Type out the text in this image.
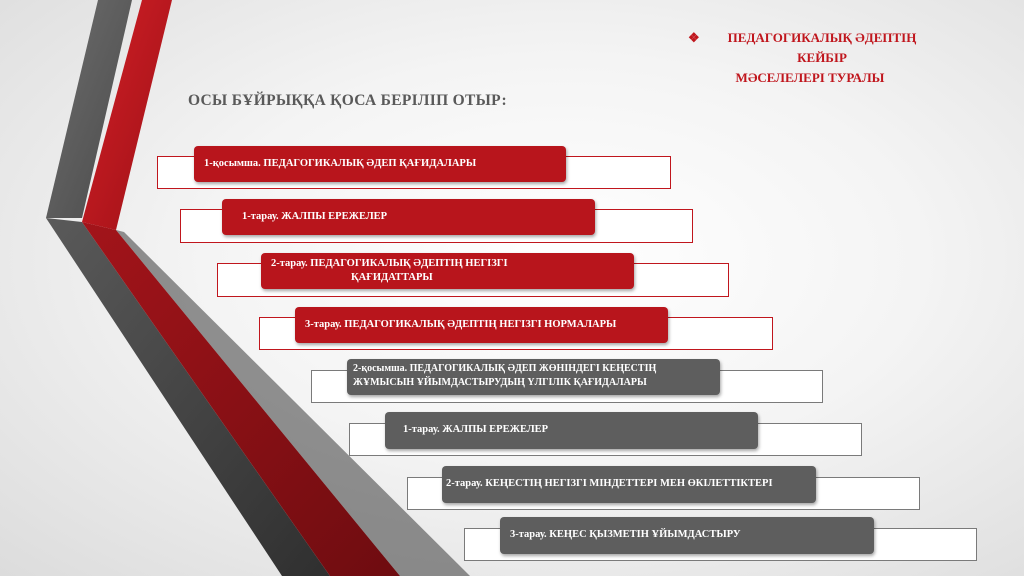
❖	ПЕДАГОГИКАЛЫҚ ӘДЕПТІҢ КЕЙБІР
МӘСЕЛЕЛЕРІ ТУРАЛЫ
ОСЫ БҰЙРЫҚҚА ҚОСА БЕРІЛІП ОТЫР:
1-қосымша. ПЕДАГОГИКАЛЫҚ ӘДЕП ҚАҒИДАЛАРЫ
1-тарау. ЖАЛПЫ ЕРЕЖЕЛЕР
2-тарау. ПЕДАГОГИКАЛЫҚ ӘДЕПТІҢ НЕГІЗГІ
ҚАҒИДАТТАРЫ
3-тарау. ПЕДАГОГИКАЛЫҚ ӘДЕПТІҢ НЕГІЗГІ НОРМАЛАРЫ
2-қосымша. ПЕДАГОГИКАЛЫҚ ӘДЕП ЖӨНІНДЕГІ КЕҢЕСТІҢ
ЖҰМЫСЫН ҰЙЫМДАСТЫРУДЫҢ ҮЛГІЛІК ҚАҒИДАЛАРЫ
1-тарау. ЖАЛПЫ ЕРЕЖЕЛЕР
2-тарау. КЕҢЕСТІҢ НЕГІЗГІ МІНДЕТТЕРІ МЕН ӨКІЛЕТТІКТЕРІ
3-тарау. КЕҢЕС ҚЫЗМЕТІН ҰЙЫМДАСТЫРУ
